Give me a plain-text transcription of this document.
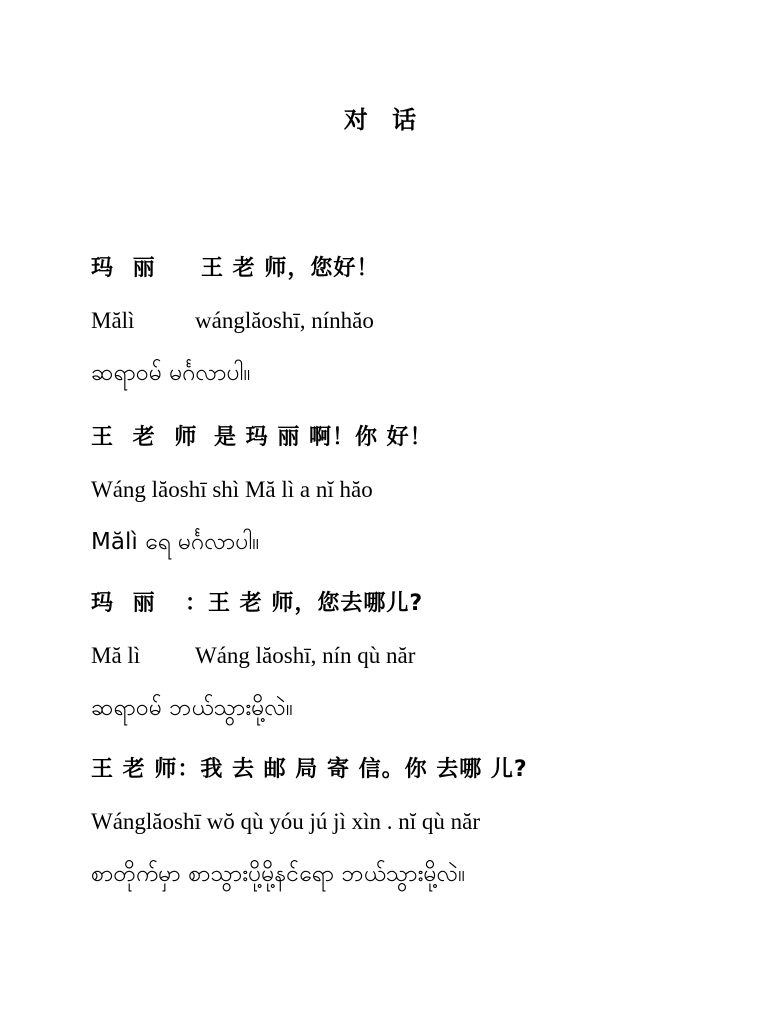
对 话
玛 丽 王 老 师，您好！
Mălì	wánglăoshī, nínhăo
ဆရာဝမ် မင်္ဂလာပါ။
王 老 师 是 玛 丽 啊！你 好！
Wáng lăoshī shì Mă lì a nĭ hăo
Mălì ရေ မင်္ဂလာပါ။
玛 丽 ：王 老 师，您去哪儿?
Mă lì Wáng lăoshī, nín qù năr
ဆရာဝမ် ဘယ်သွားမို့လဲ။
王 老 师：我 去 邮 局 寄 信。你 去哪 儿?
Wánglăoshī wŏ qù yóu jú jì xìn . nĭ qù năr
စာတိုက်မှာ စာသွားပို့မို့နင်ရော ဘယ်သွားမို့လဲ။
